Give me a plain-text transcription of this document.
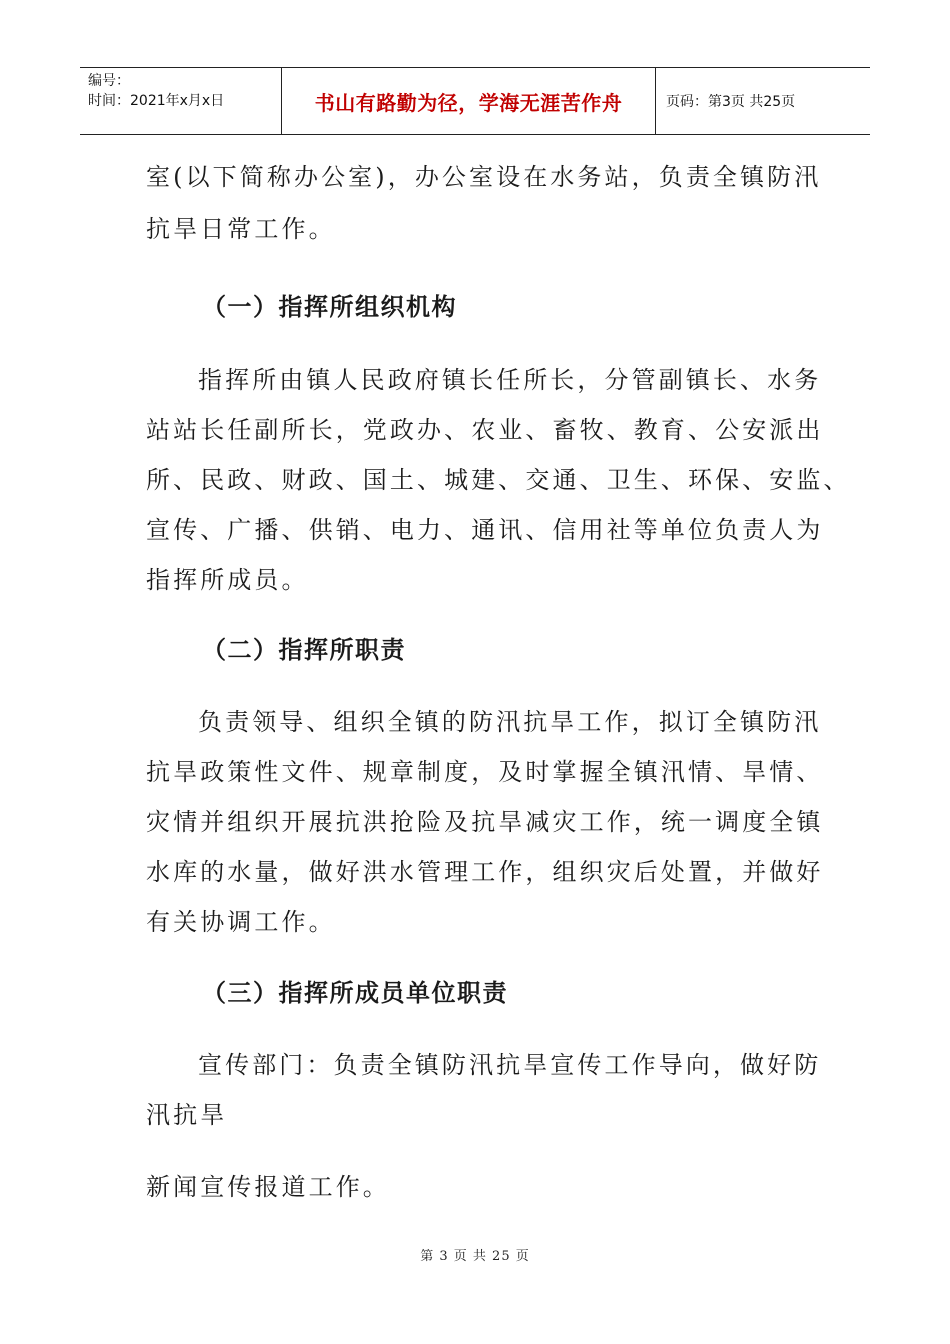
编号：
时间：2021年x月x日	书山有路勤为径，学海无涯苦作舟	页码：第3页 共25页
室(以下简称办公室)，办公室设在水务站，负责全镇防汛
抗旱日常工作。
（一）指挥所组织机构
指挥所由镇人民政府镇长任所长，分管副镇长、水务
站站长任副所长，党政办、农业、畜牧、教育、公安派出
所、民政、财政、国土、城建、交通、卫生、环保、安监、
宣传、广播、供销、电力、通讯、信用社等单位负责人为
指挥所成员。
（二）指挥所职责
负责领导、组织全镇的防汛抗旱工作，拟订全镇防汛
抗旱政策性文件、规章制度，及时掌握全镇汛情、旱情、
灾情并组织开展抗洪抢险及抗旱减灾工作，统一调度全镇
水库的水量，做好洪水管理工作，组织灾后处置，并做好
有关协调工作。
（三）指挥所成员单位职责
宣传部门：负责全镇防汛抗旱宣传工作导向，做好防
汛抗旱
新闻宣传报道工作。
第 3 页 共 25 页
